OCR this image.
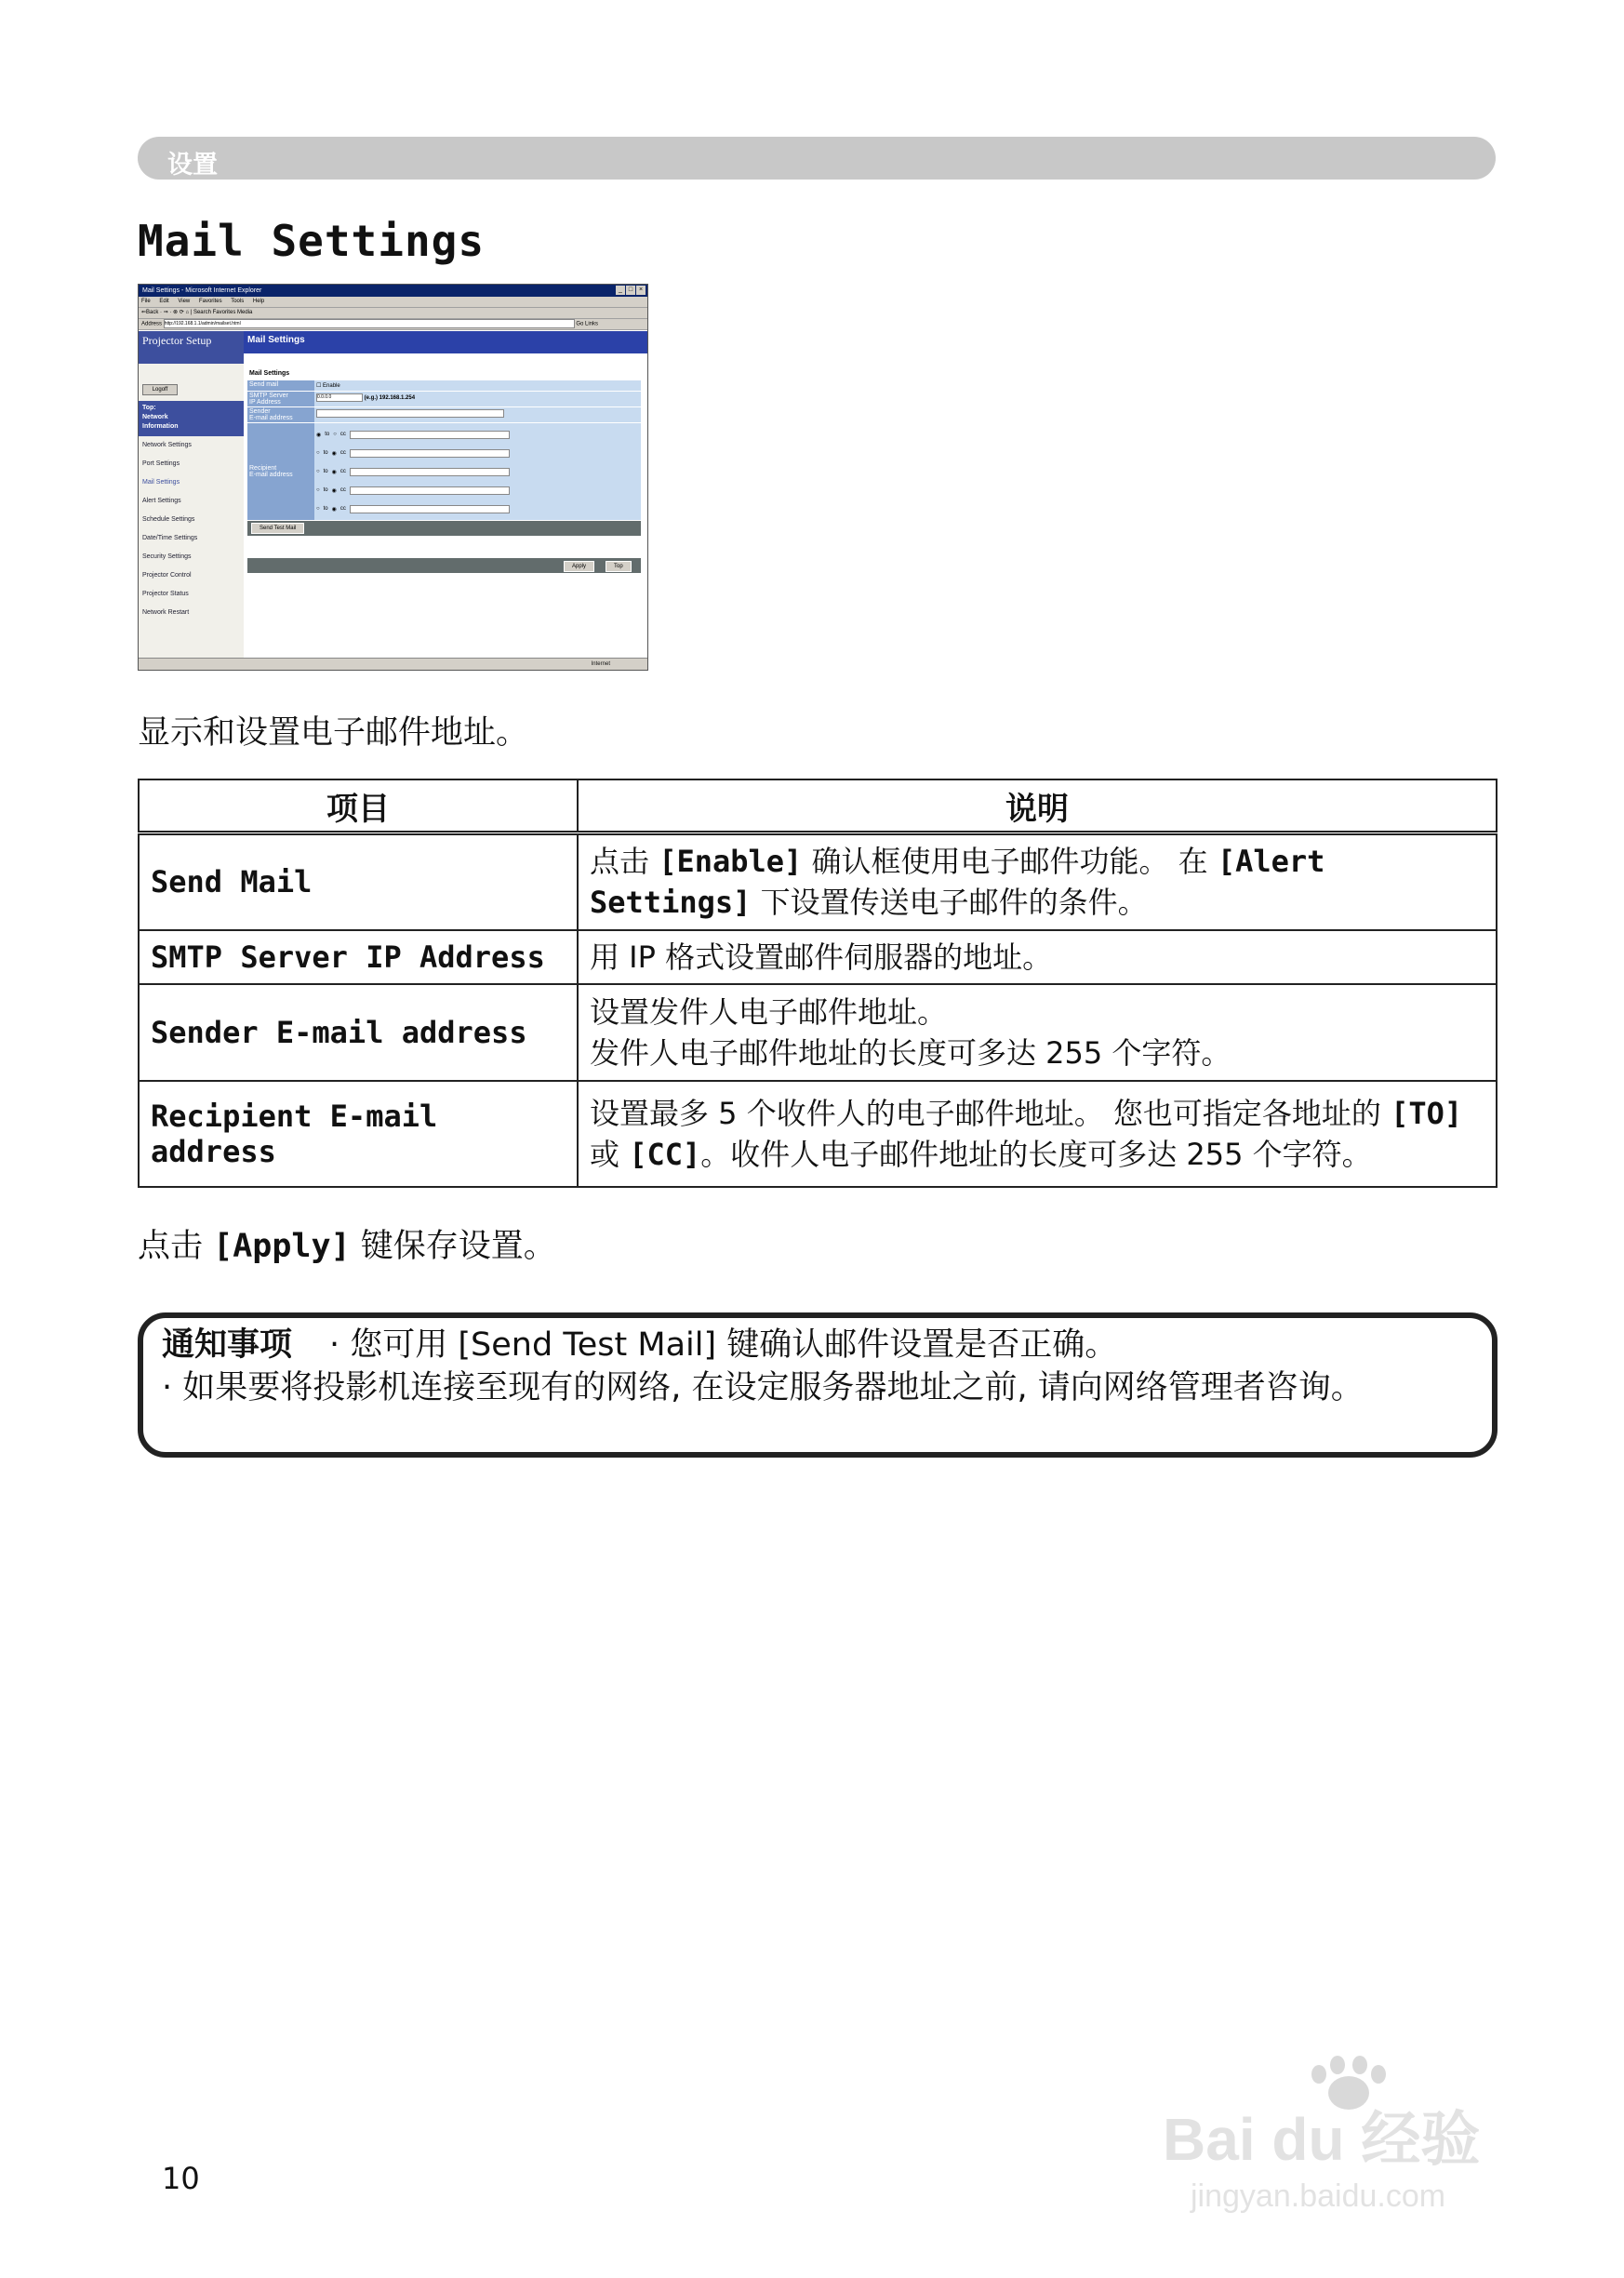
设置
Mail Settings
Mail Settings - Microsoft Internet Explorer	_ □ ×
File Edit View Favorites Tools Help
⇐Back · ⇒ · ⊗ ⟳ ⌂ | Search Favorites Media
Address http://192.168.1.1/admin/mailset.html	Go Links
Projector Setup
Logoff
Top:
Network
Information
Network Settings
Port Settings
Mail Settings
Alert Settings
Schedule Settings
Date/Time Settings
Security Settings
Projector Control
Projector Status
Network Restart
Mail Settings
Mail Settings
Send mail	☐ Enable
SMTP Server
IP Address
0.0.0.0	(e.g.) 192.168.1.254
Sender
E-mail address
Recipient
E-mail address
◉ to ○ cc
○ to ◉ cc
○ to ◉ cc
○ to ◉ cc
○ to ◉ cc
Send Test Mail
Apply	Top
Internet
显示和设置电子邮件地址。
项目	说明
Send Mail	点击 [Enable] 确认框使用电子邮件功能。 在 [Alert Settings] 下设置传送电子邮件的条件。
SMTP Server IP Address	用 IP 格式设置邮件伺服器的地址。
Sender E-mail address	设置发件人电子邮件地址。
发件人电子邮件地址的长度可多达 255 个字符。

Recipient E-mail address	设置最多 5 个收件人的电子邮件地址。 您也可指定各地址的 [TO] 或 [CC]。收件人电子邮件地址的长度可多达 255 个字符。
点击 [Apply] 键保存设置。
通知事项 · 您可用 [Send Test Mail] 键确认邮件设置是否正确。
· 如果要将投影机连接至现有的网络, 在设定服务器地址之前, 请向网络管理者咨询。
10
Bai du 经验
jingyan.baidu.com
